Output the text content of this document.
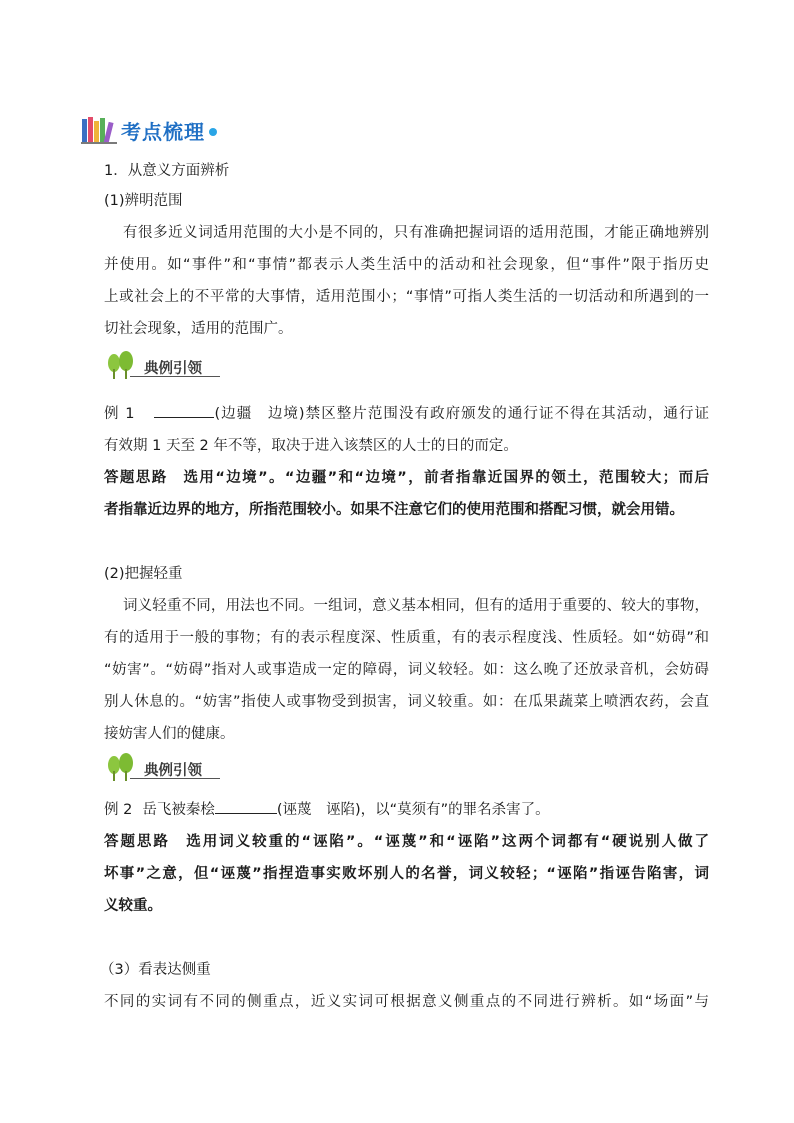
考点梳理
1．从意义方面辨析
(1)辨明范围
有很多近义词适用范围的大小是不同的，只有准确把握词语的适用范围，才能正确地辨别
并使用。如“事件”和“事情”都表示人类生活中的活动和社会现象，但“事件”限于指历史
上或社会上的不平常的大事情，适用范围小；“事情”可指人类生活的一切活动和所遇到的一
切社会现象，适用的范围广。
典例引领
例 1	(边疆　边境)禁区整片范围没有政府颁发的通行证不得在其活动，通行证
有效期 1 天至 2 年不等，取决于进入该禁区的人士的日的而定。
答题思路　选用“边境”。“边疆”和“边境”，前者指靠近国界的领土，范围较大；而后
者指靠近边界的地方，所指范围较小。如果不注意它们的使用范围和搭配习惯，就会用错。
(2)把握轻重
词义轻重不同，用法也不同。一组词，意义基本相同，但有的适用于重要的、较大的事物，
有的适用于一般的事物；有的表示程度深、性质重，有的表示程度浅、性质轻。如“妨碍”和
“妨害”。“妨碍”指对人或事造成一定的障碍，词义较轻。如：这么晚了还放录音机，会妨碍
别人休息的。“妨害”指使人或事物受到损害，词义较重。如：在瓜果蔬菜上喷洒农药，会直
接妨害人们的健康。
典例引领
例 2 岳飞被秦桧	(诬蔑　诬陷)，以“莫须有”的罪名杀害了。
答题思路　选用词义较重的“诬陷”。“诬蔑”和“诬陷”这两个词都有“硬说别人做了
坏事”之意，但“诬蔑”指捏造事实败坏别人的名誉，词义较轻；“诬陷”指诬告陷害，词
义较重。
（3）看表达侧重
不同的实词有不同的侧重点，近义实词可根据意义侧重点的不同进行辨析。如“场面”与
